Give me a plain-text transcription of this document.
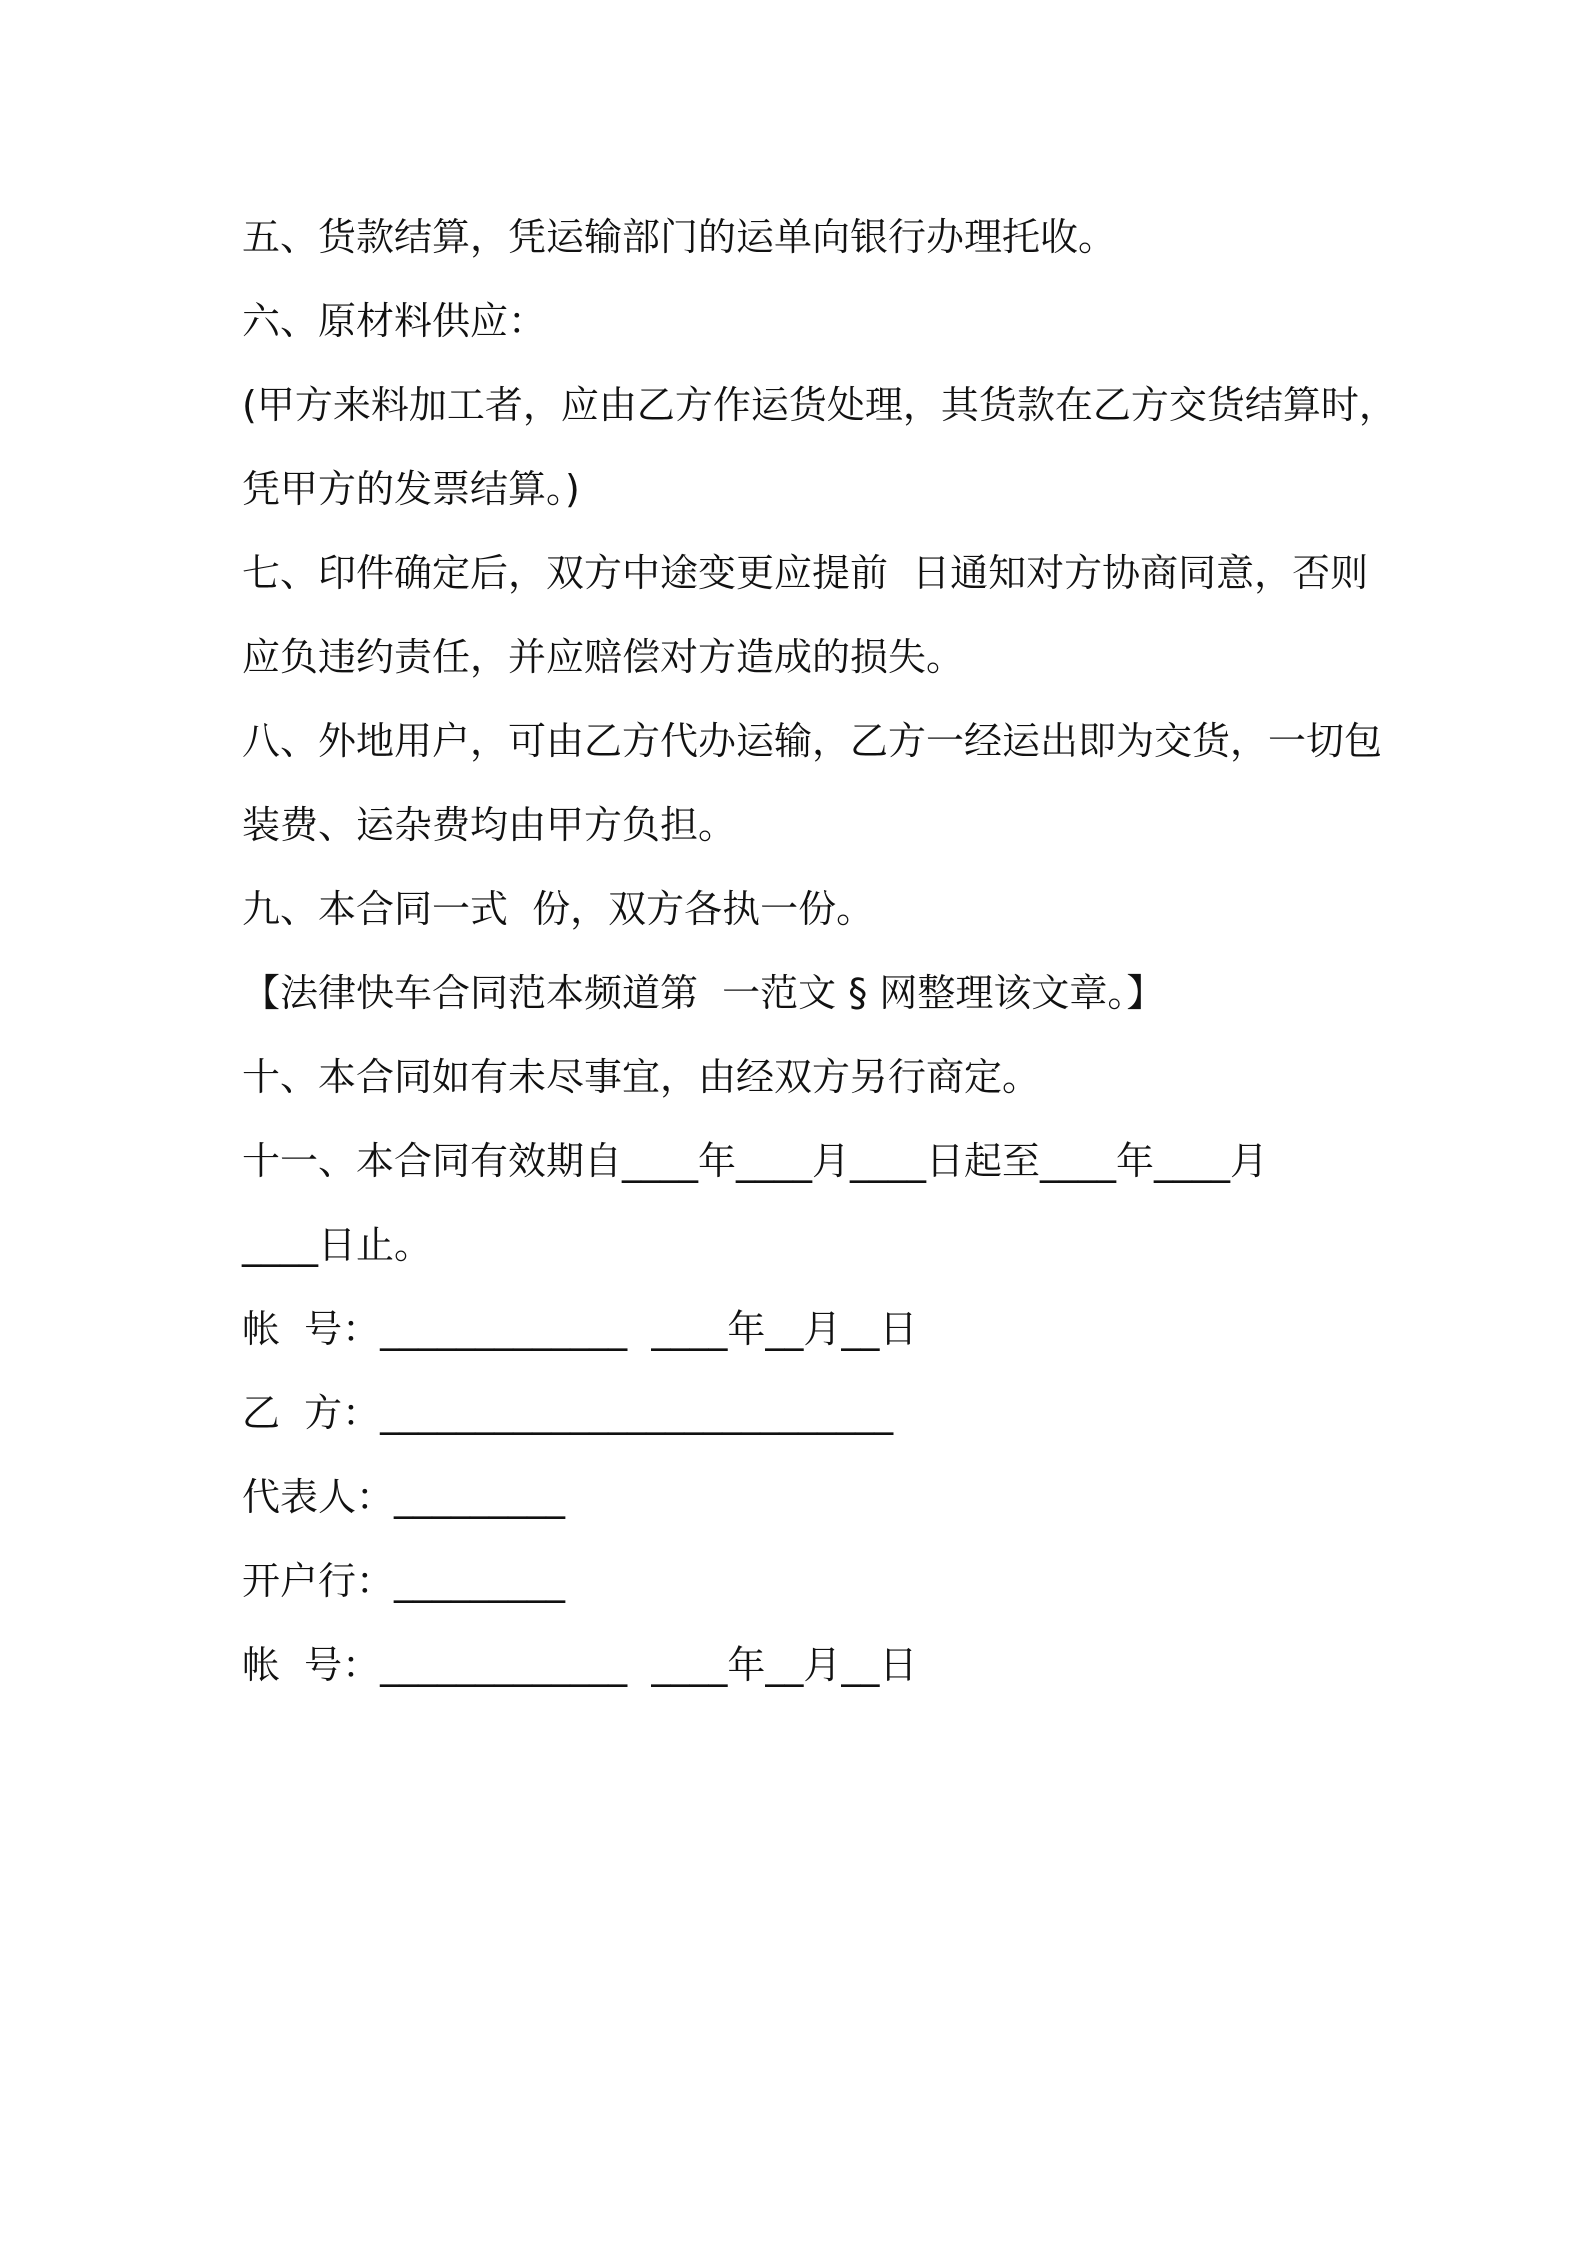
五、货款结算，凭运输部门的运单向银行办理托收。
六、原材料供应：
(甲方来料加工者，应由乙方作运货处理，其货款在乙方交货结算时，
凭甲方的发票结算。)
七、印件确定后，双方中途变更应提前  日通知对方协商同意，否则
应负违约责任，并应赔偿对方造成的损失。
八、外地用户，可由乙方代办运输，乙方一经运出即为交货，一切包
装费、运杂费均由甲方负担。
九、本合同一式  份，双方各执一份。
【法律快车合同范本频道第  一范文 § 网整理该文章。】
十、本合同如有未尽事宜，由经双方另行商定。
十一、本合同有效期自____年____月____日起至____年____月
____日止。
帐  号：_____________  ____年__月__日
乙  方：___________________________
代表人：_________
开户行：_________
帐  号：_____________  ____年__月__日
